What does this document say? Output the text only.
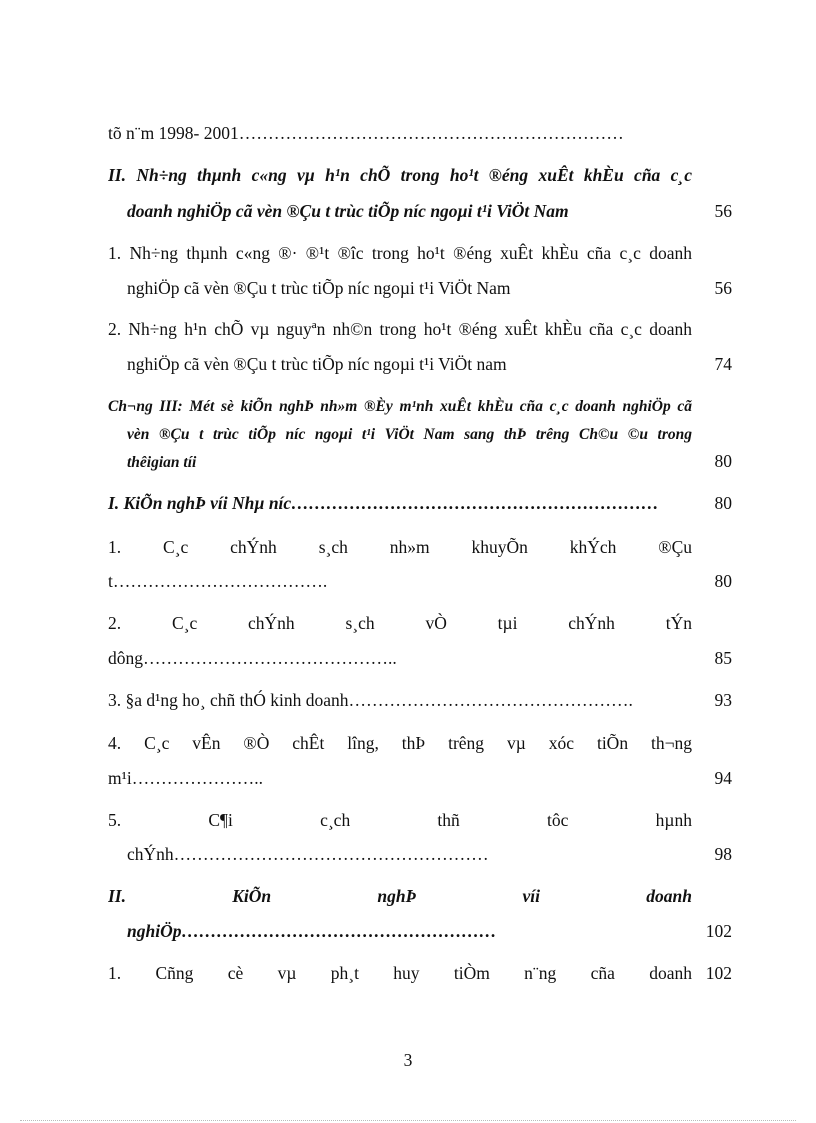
tõ n¨m 1998- 2001…………………………………………………………
II. Nh÷ng thµnh c«ng vµ h¹n chÕ trong ho¹t ®éng xuÊt khÈu cña c¸c
doanh nghiÖp cã vèn ®Çu t trùc tiÕp níc ngoµi t¹i ViÖt Nam	56
1. Nh÷ng thµnh c«ng ®· ®¹t ®îc trong ho¹t ®éng xuÊt khÈu cña c¸c doanh
nghiÖp cã vèn ®Çu t trùc tiÕp níc ngoµi t¹i ViÖt Nam	56
2. Nh÷ng h¹n chÕ vµ nguyªn nh©n trong ho¹t ®éng xuÊt khÈu cña c¸c doanh
nghiÖp cã vèn ®Çu t trùc tiÕp níc ngoµi t¹i ViÖt nam	74
Ch¬ng III: Mét sè kiÕn nghÞ nh»m ®Èy m¹nh xuÊt khÈu cña c¸c doanh nghiÖp cã
vèn ®Çu t trùc tiÕp níc ngoµi t¹i ViÖt Nam sang thÞ trêng Ch©u ©u trong
thêigian tíi	80
I. KiÕn nghÞ víi Nhµ níc………………………………………………………	80
1. C¸c chÝnh s¸ch nh»m khuyÕn khÝch ®Çu
t……………………………….	80
2. C¸c chÝnh s¸ch vÒ tµi chÝnh tÝn
dông……………………………………..	85
3. §a d¹ng ho¸ chñ thÓ kinh doanh………………………………………….	93
4. C¸c vÊn ®Ò chÊt lîng, thÞ trêng vµ xóc tiÕn th¬ng
m¹i…………………..	94
5. C¶i c¸ch thñ tôc hµnh
chÝnh………………………………………………	98
II. KiÕn nghÞ víi doanh
nghiÖp………………………………………………	102
1. Cñng cè vµ ph¸t huy tiÒm n¨ng cña doanh 102
3
